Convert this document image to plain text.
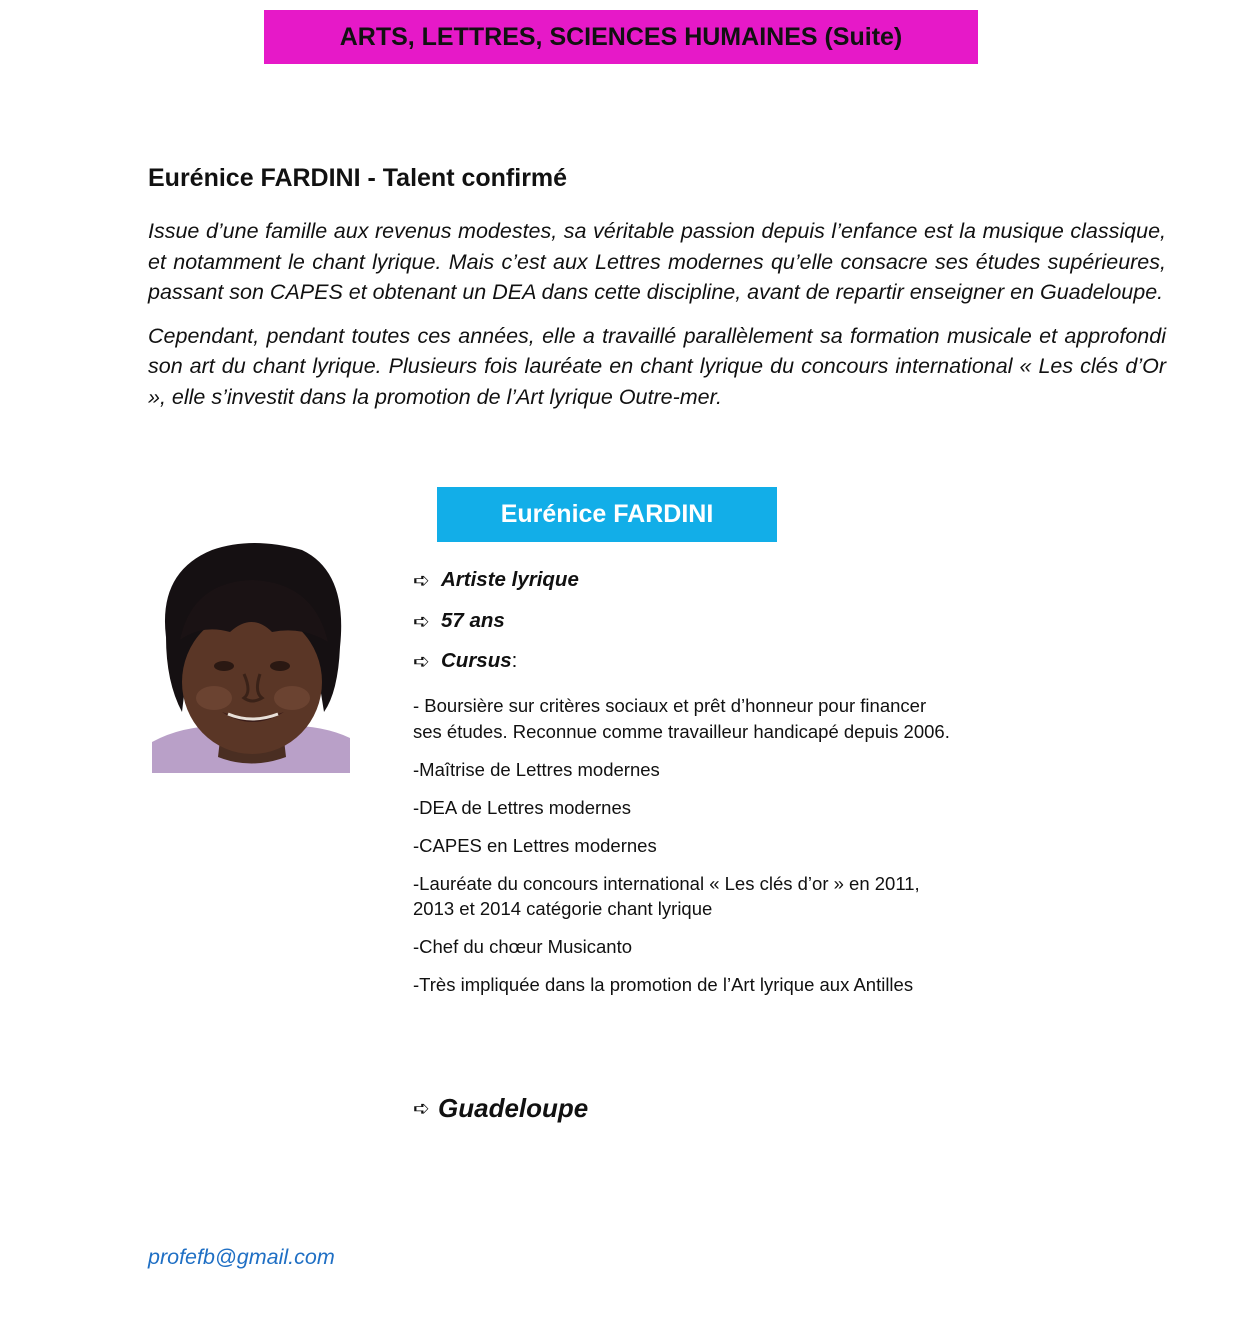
ARTS, LETTRES, SCIENCES HUMAINES (Suite)
Eurénice FARDINI - Talent confirmé

Issue d’une famille aux revenus modestes, sa véritable passion depuis l’enfance est la musique classique, et notamment le chant lyrique. Mais c’est aux Lettres modernes qu’elle consacre ses études supérieures, passant son CAPES et obtenant un DEA dans cette discipline, avant de repartir enseigner en Guadeloupe.

Cependant, pendant toutes ces années, elle a travaillé parallèlement sa formation musicale et approfondi son art du chant lyrique. Plusieurs fois lauréate en chant lyrique du concours international « Les clés d’Or », elle s’investit dans la promotion de l’Art lyrique Outre-mer.

Eurénice FARDINI
➪ Artiste lyrique
➪ 57 ans
➪ Cursus :

- Boursière sur critères sociaux et prêt d’honneur pour financer ses études. Reconnue comme travailleur handicapé depuis 2006.

-Maîtrise de Lettres modernes

-DEA de Lettres modernes

-CAPES en Lettres modernes

-Lauréate du concours international « Les clés d’or » en 2011, 2013 et 2014 catégorie chant lyrique

-Chef du chœur Musicanto

-Très impliquée dans la promotion de l’Art lyrique aux Antilles

➪ Guadeloupe
profefb@gmail.com
